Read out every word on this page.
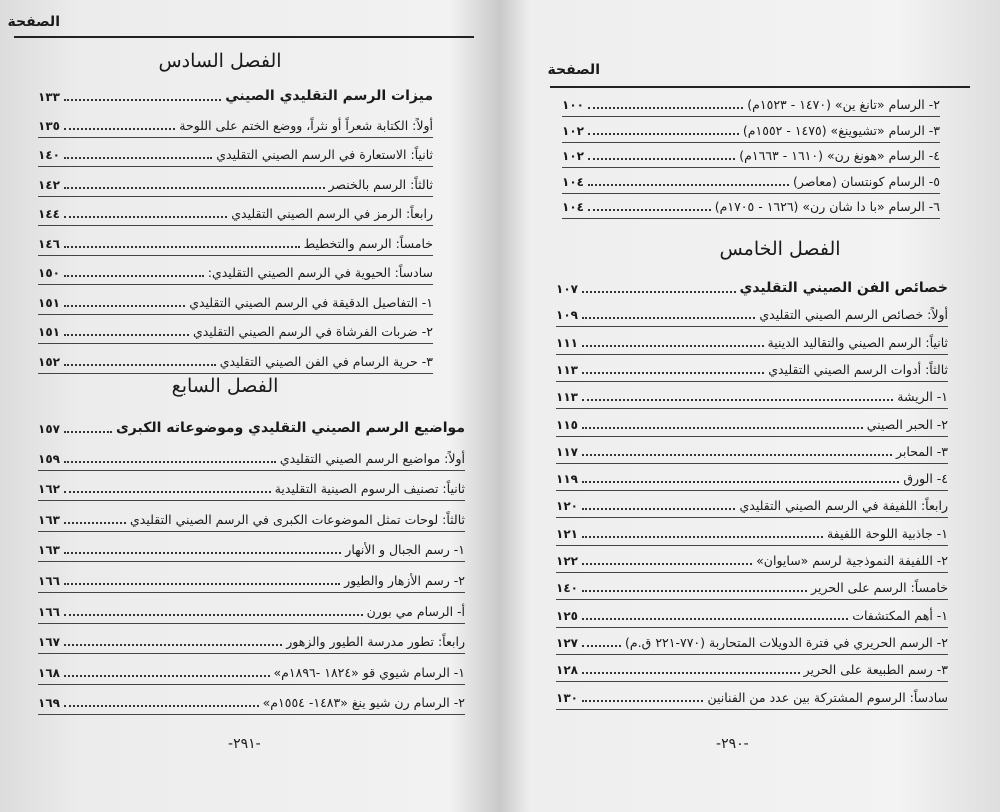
الصفحة
الفصل السادس
ميزات الرسم التقليدي الصيني
١٣٣
أولاً: الكتابة شعراً أو نثراً، ووضع الختم على اللوحة
١٣٥
ثانياً: الاستعارة في الرسم الصيني التقليدي
١٤٠
ثالثاً: الرسم بالخنصر
١٤٢
رابعاً: الرمز في الرسم الصيني التقليدي
١٤٤
خامساً: الرسم والتخطيط
١٤٦
سادساً: الحيوية في الرسم الصيني التقليدي:
١٥٠
١- التفاصيل الدقيقة في الرسم الصيني التقليدي
١٥١
٢- ضربات الفرشاة في الرسم الصيني التقليدي
١٥١
٣- حرية الرسام في الفن الصيني التقليدي
١٥٢
الفصل السابع
مواضيع الرسم الصيني التقليدي وموضوعاته الكبرى
١٥٧
أولاً: مواضيع الرسم الصيني التقليدي
١٥٩
ثانياً: تصنيف الرسوم الصينية التقليدية
١٦٢
ثالثاً: لوحات تمثل الموضوعات الكبرى في الرسم الصيني التقليدي
١٦٣
١- رسم الجبال و الأنهار
١٦٣
٢- رسم الأزهار والطيور
١٦٦
أ- الرسام مي بورن
١٦٦
رابعاً: تطور مدرسة الطيور والزهور
١٦٧
١- الرسام شيوي قو «١٨٢٤ -١٨٩٦م»
١٦٨
٢- الرسام رن شيو ينغ «١٤٨٣- ١٥٥٤م»
١٦٩
-٢٩١-
الصفحة
٢- الرسام «تانغ ين» (١٤٧٠ - ١٥٢٣م)
١٠٠
٣- الرسام «تشيوينغ» (١٤٧٥ - ١٥٥٢م)
١٠٢
٤- الرسام «هونغ رن» (١٦١٠ - ١٦٦٣م)
١٠٢
٥- الرسام كونتسان (معاصر)
١٠٤
٦- الرسام «با دا شان رن» (١٦٢٦ - ١٧٠٥م)
١٠٤
الفصل الخامس
خصائص الفن الصيني التقليدي
١٠٧
أولاً: خصائص الرسم الصيني التقليدي
١٠٩
ثانياً: الرسم الصيني والتقاليد الدينية
١١١
ثالثاً: أدوات الرسم الصيني التقليدي
١١٣
١- الريشة
١١٣
٢- الحبر الصيني
١١٥
٣- المحابر
١١٧
٤- الورق
١١٩
رابعاً: اللفيفة في الرسم الصيني التقليدي
١٢٠
١- جاذبية اللوحة اللفيفة
١٢١
٢- اللفيفة النموذجية لرسم «سايوان»
١٢٢
خامساً: الرسم على الحرير
١٤٠
١- أهم المكتشفات
١٢٥
٢- الرسم الحريري في فترة الدويلات المتحاربة (٧٧٠-٢٢١ ق.م)
١٢٧
٣- رسم الطبيعة على الحرير
١٢٨
سادساً: الرسوم المشتركة بين عدد من الفنانين
١٣٠
-٢٩٠-
